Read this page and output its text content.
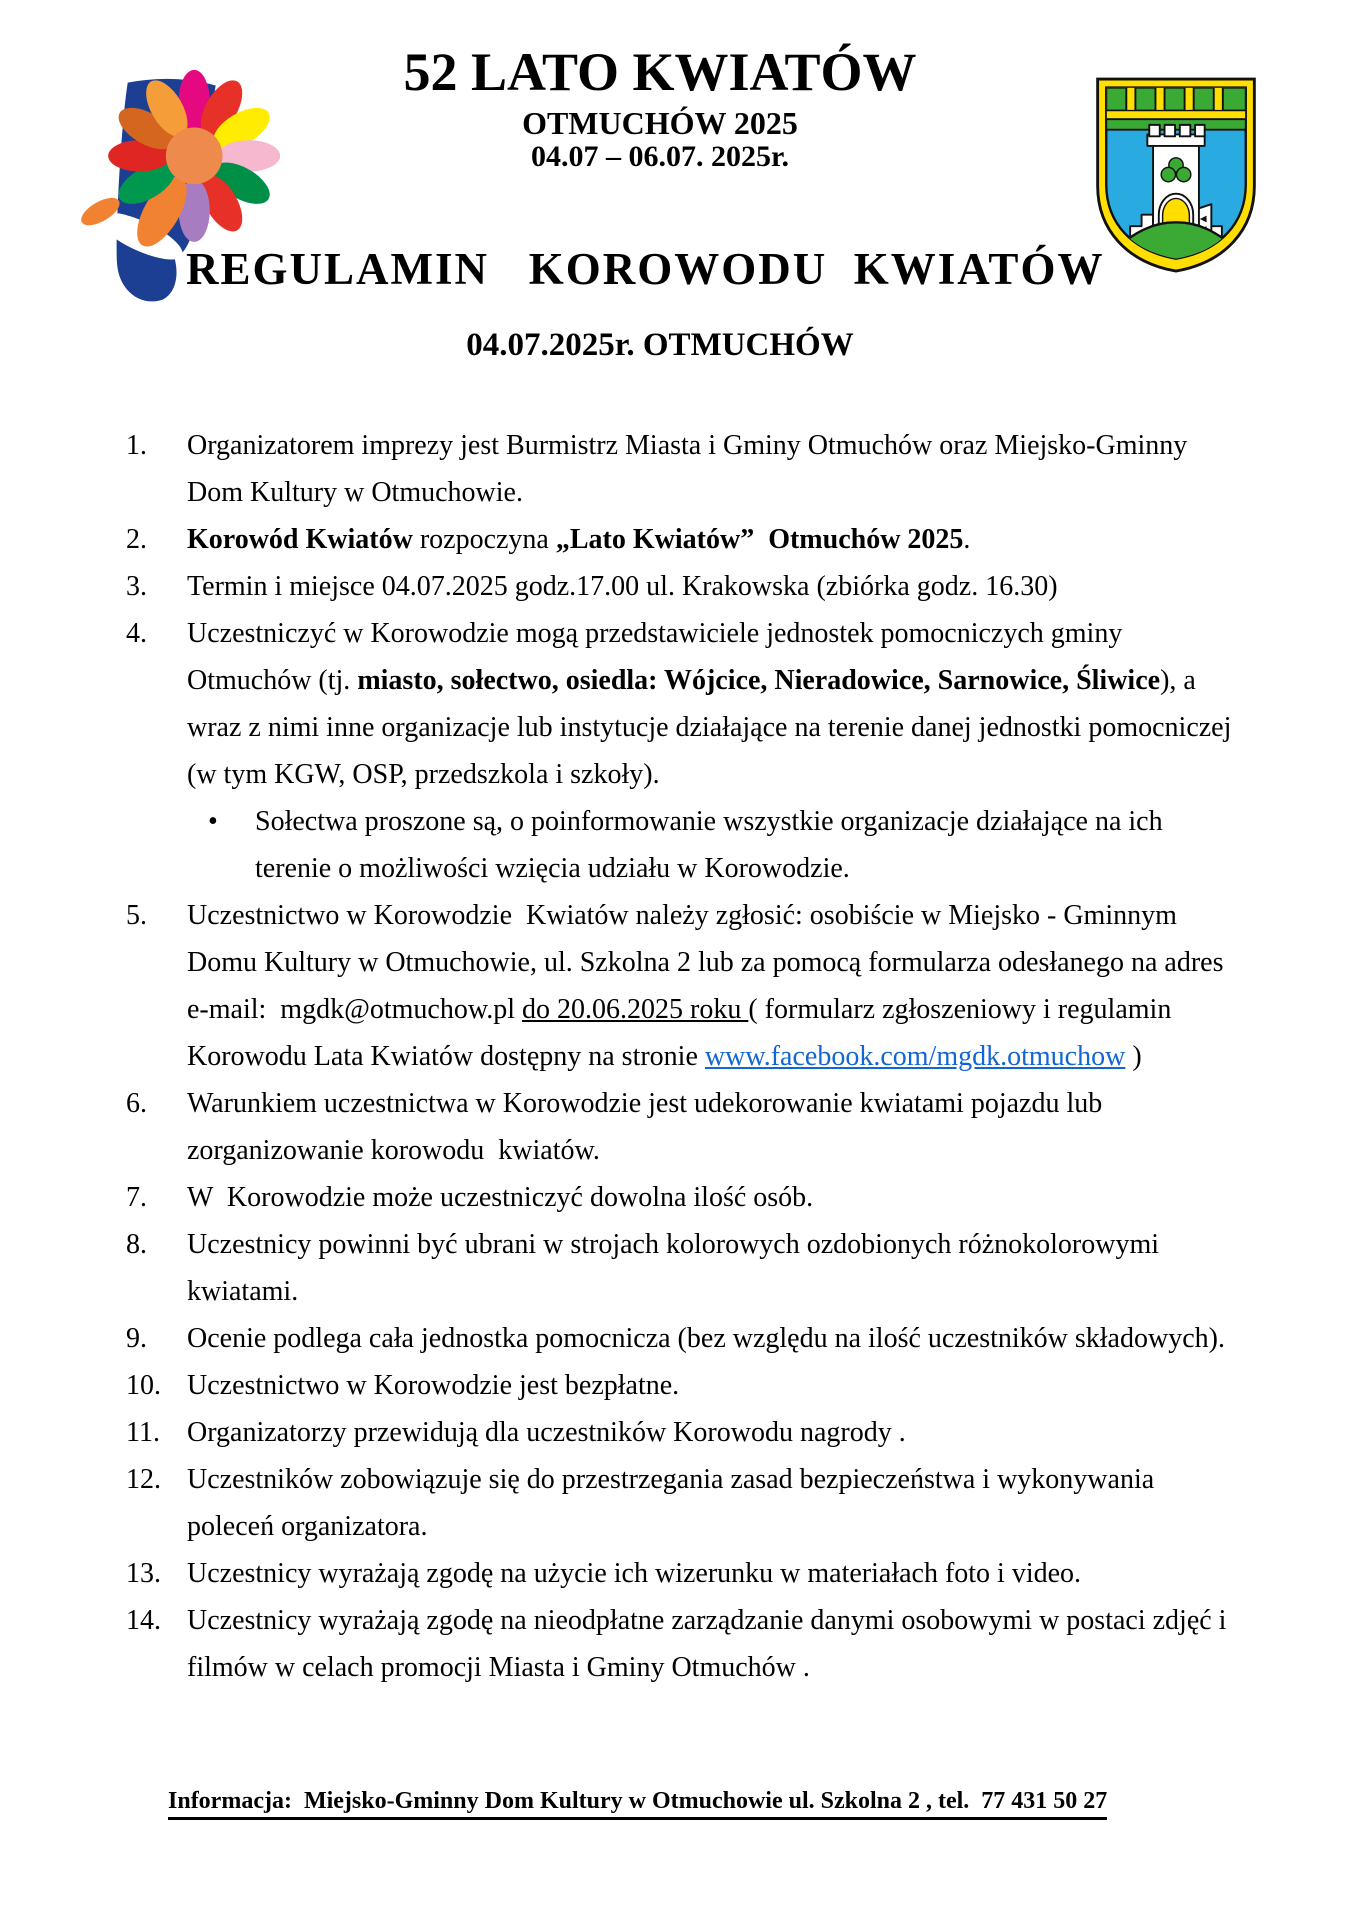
52 LATO KWIATÓW
OTMUCHÓW 2025
04.07 – 06.07. 2025r.
REGULAMIN   KOROWODU  KWIATÓW
04.07.2025r. OTMUCHÓW
1.	Organizatorem imprezy jest Burmistrz Miasta i Gminy Otmuchów oraz Miejsko-Gminny
Dom Kultury w Otmuchowie.
2.	Korowód Kwiatów rozpoczyna „Lato Kwiatów”  Otmuchów 2025.
3.	Termin i miejsce 04.07.2025 godz.17.00 ul. Krakowska (zbiórka godz. 16.30)
4.	Uczestniczyć w Korowodzie mogą przedstawiciele jednostek pomocniczych gminy
Otmuchów (tj. miasto, sołectwo, osiedla: Wójcice, Nieradowice, Sarnowice, Śliwice), a
wraz z nimi inne organizacje lub instytucje działające na terenie danej jednostki pomocniczej
(w tym KGW, OSP, przedszkola i szkoły).
•	Sołectwa proszone są, o poinformowanie wszystkie organizacje działające na ich
terenie o możliwości wzięcia udziału w Korowodzie.
5.	Uczestnictwo w Korowodzie  Kwiatów należy zgłosić: osobiście w Miejsko - Gminnym
Domu Kultury w Otmuchowie, ul. Szkolna 2 lub za pomocą formularza odesłanego na adres
e-mail:  mgdk@otmuchow.pl do 20.06.2025 roku ( formularz zgłoszeniowy i regulamin
Korowodu Lata Kwiatów dostępny na stronie www.facebook.com/mgdk.otmuchow )
6.	Warunkiem uczestnictwa w Korowodzie jest udekorowanie kwiatami pojazdu lub
zorganizowanie korowodu  kwiatów.
7.	W  Korowodzie może uczestniczyć dowolna ilość osób.
8.	Uczestnicy powinni być ubrani w strojach kolorowych ozdobionych różnokolorowymi
kwiatami.
9.	Ocenie podlega cała jednostka pomocnicza (bez względu na ilość uczestników składowych).
10. Uczestnictwo w Korowodzie jest bezpłatne.
11. Organizatorzy przewidują dla uczestników Korowodu nagrody .
12. Uczestników zobowiązuje się do przestrzegania zasad bezpieczeństwa i wykonywania
poleceń organizatora.
13. Uczestnicy wyrażają zgodę na użycie ich wizerunku w materiałach foto i video.
14. Uczestnicy wyrażają zgodę na nieodpłatne zarządzanie danymi osobowymi w postaci zdjęć i
filmów w celach promocji Miasta i Gminy Otmuchów .

Informacja:  Miejsko-Gminny Dom Kultury w Otmuchowie ul. Szkolna 2 , tel.  77 431 50 27
